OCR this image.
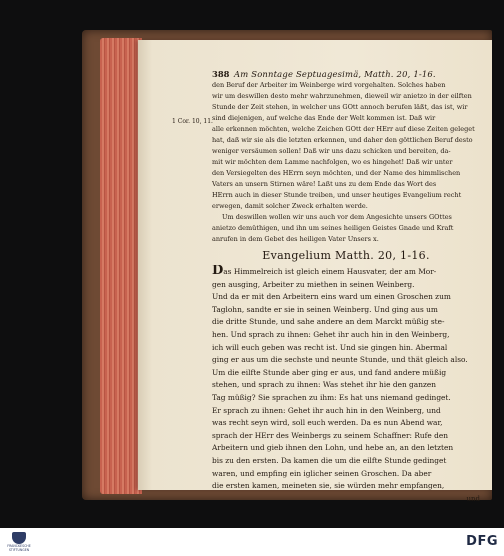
1 Cor. 10, 11.
388 Am Sonntage Septuagesimä, Matth. 20, 1-16.

den Beruf der Arbeiter im Weinberge wird vorgehalten. Solches haben
wir um deswillen desto mehr wahrzunehmen, dieweil wir anietzo in der eilften
Stunde der Zeit stehen, in welcher uns GOtt annoch berufen läßt, das ist, wir
sind diejenigen, auf welche das Ende der Welt kommen ist. Daß wir
alle erkennen möchten, welche Zeichen GOtt der HErr auf diese Zeiten geleget
hat, daß wir sie als die letzten erkennen, und daher den göttlichen Beruf desto
weniger versäumen sollen! Daß wir uns dazu schicken und bereiten, da-
mit wir möchten dem Lamme nachfolgen, wo es hingehet! Daß wir unter
den Versiegelten des HErrn seyn möchten, und der Name des himmlischen
Vaters an unsern Stirnen wäre! Laßt uns zu dem Ende das Wort des
HErrn auch in dieser Stunde treiben, und unser heutiges Evangelium recht
erwegen, damit solcher Zweck erhalten werde.

Um deswillen wollen wir uns auch vor dem Angesichte unsers GOttes
anietzo demüthigen, und ihn um seines heiligen Geistes Gnade und Kraft
anrufen in dem Gebet des heiligen Vater Unsers x.

Evangelium Matth. 20, 1-16.
Das Himmelreich ist gleich einem Hausvater, der am Mor-
gen ausging, Arbeiter zu miethen in seinen Weinberg.
Und da er mit den Arbeitern eins ward um einen Groschen zum
Taglohn, sandte er sie in seinen Weinberg. Und ging aus um
die dritte Stunde, und sahe andere an dem Marckt müßig ste-
hen. Und sprach zu ihnen: Gehet ihr auch hin in den Weinberg,
ich will euch geben was recht ist. Und sie gingen hin. Abermal
ging er aus um die sechste und neunte Stunde, und thät gleich also.
Um die eilfte Stunde aber ging er aus, und fand andere müßig
stehen, und sprach zu ihnen: Was stehet ihr hie den ganzen
Tag müßig? Sie sprachen zu ihm: Es hat uns niemand gedinget.
Er sprach zu ihnen: Gehet ihr auch hin in den Weinberg, und
was recht seyn wird, soll euch werden. Da es nun Abend war,
sprach der HErr des Weinbergs zu seinem Schaffner: Rufe den
Arbeitern und gieb ihnen den Lohn, und hebe an, an den letzten
bis zu den ersten. Da kamen die um die eilfte Stunde gedinget
waren, und empfing ein iglicher seinen Groschen. Da aber
die ersten kamen, meineten sie, sie würden mehr empfangen,
und
FRANCKESCHE STIFTUNGEN
DFG
